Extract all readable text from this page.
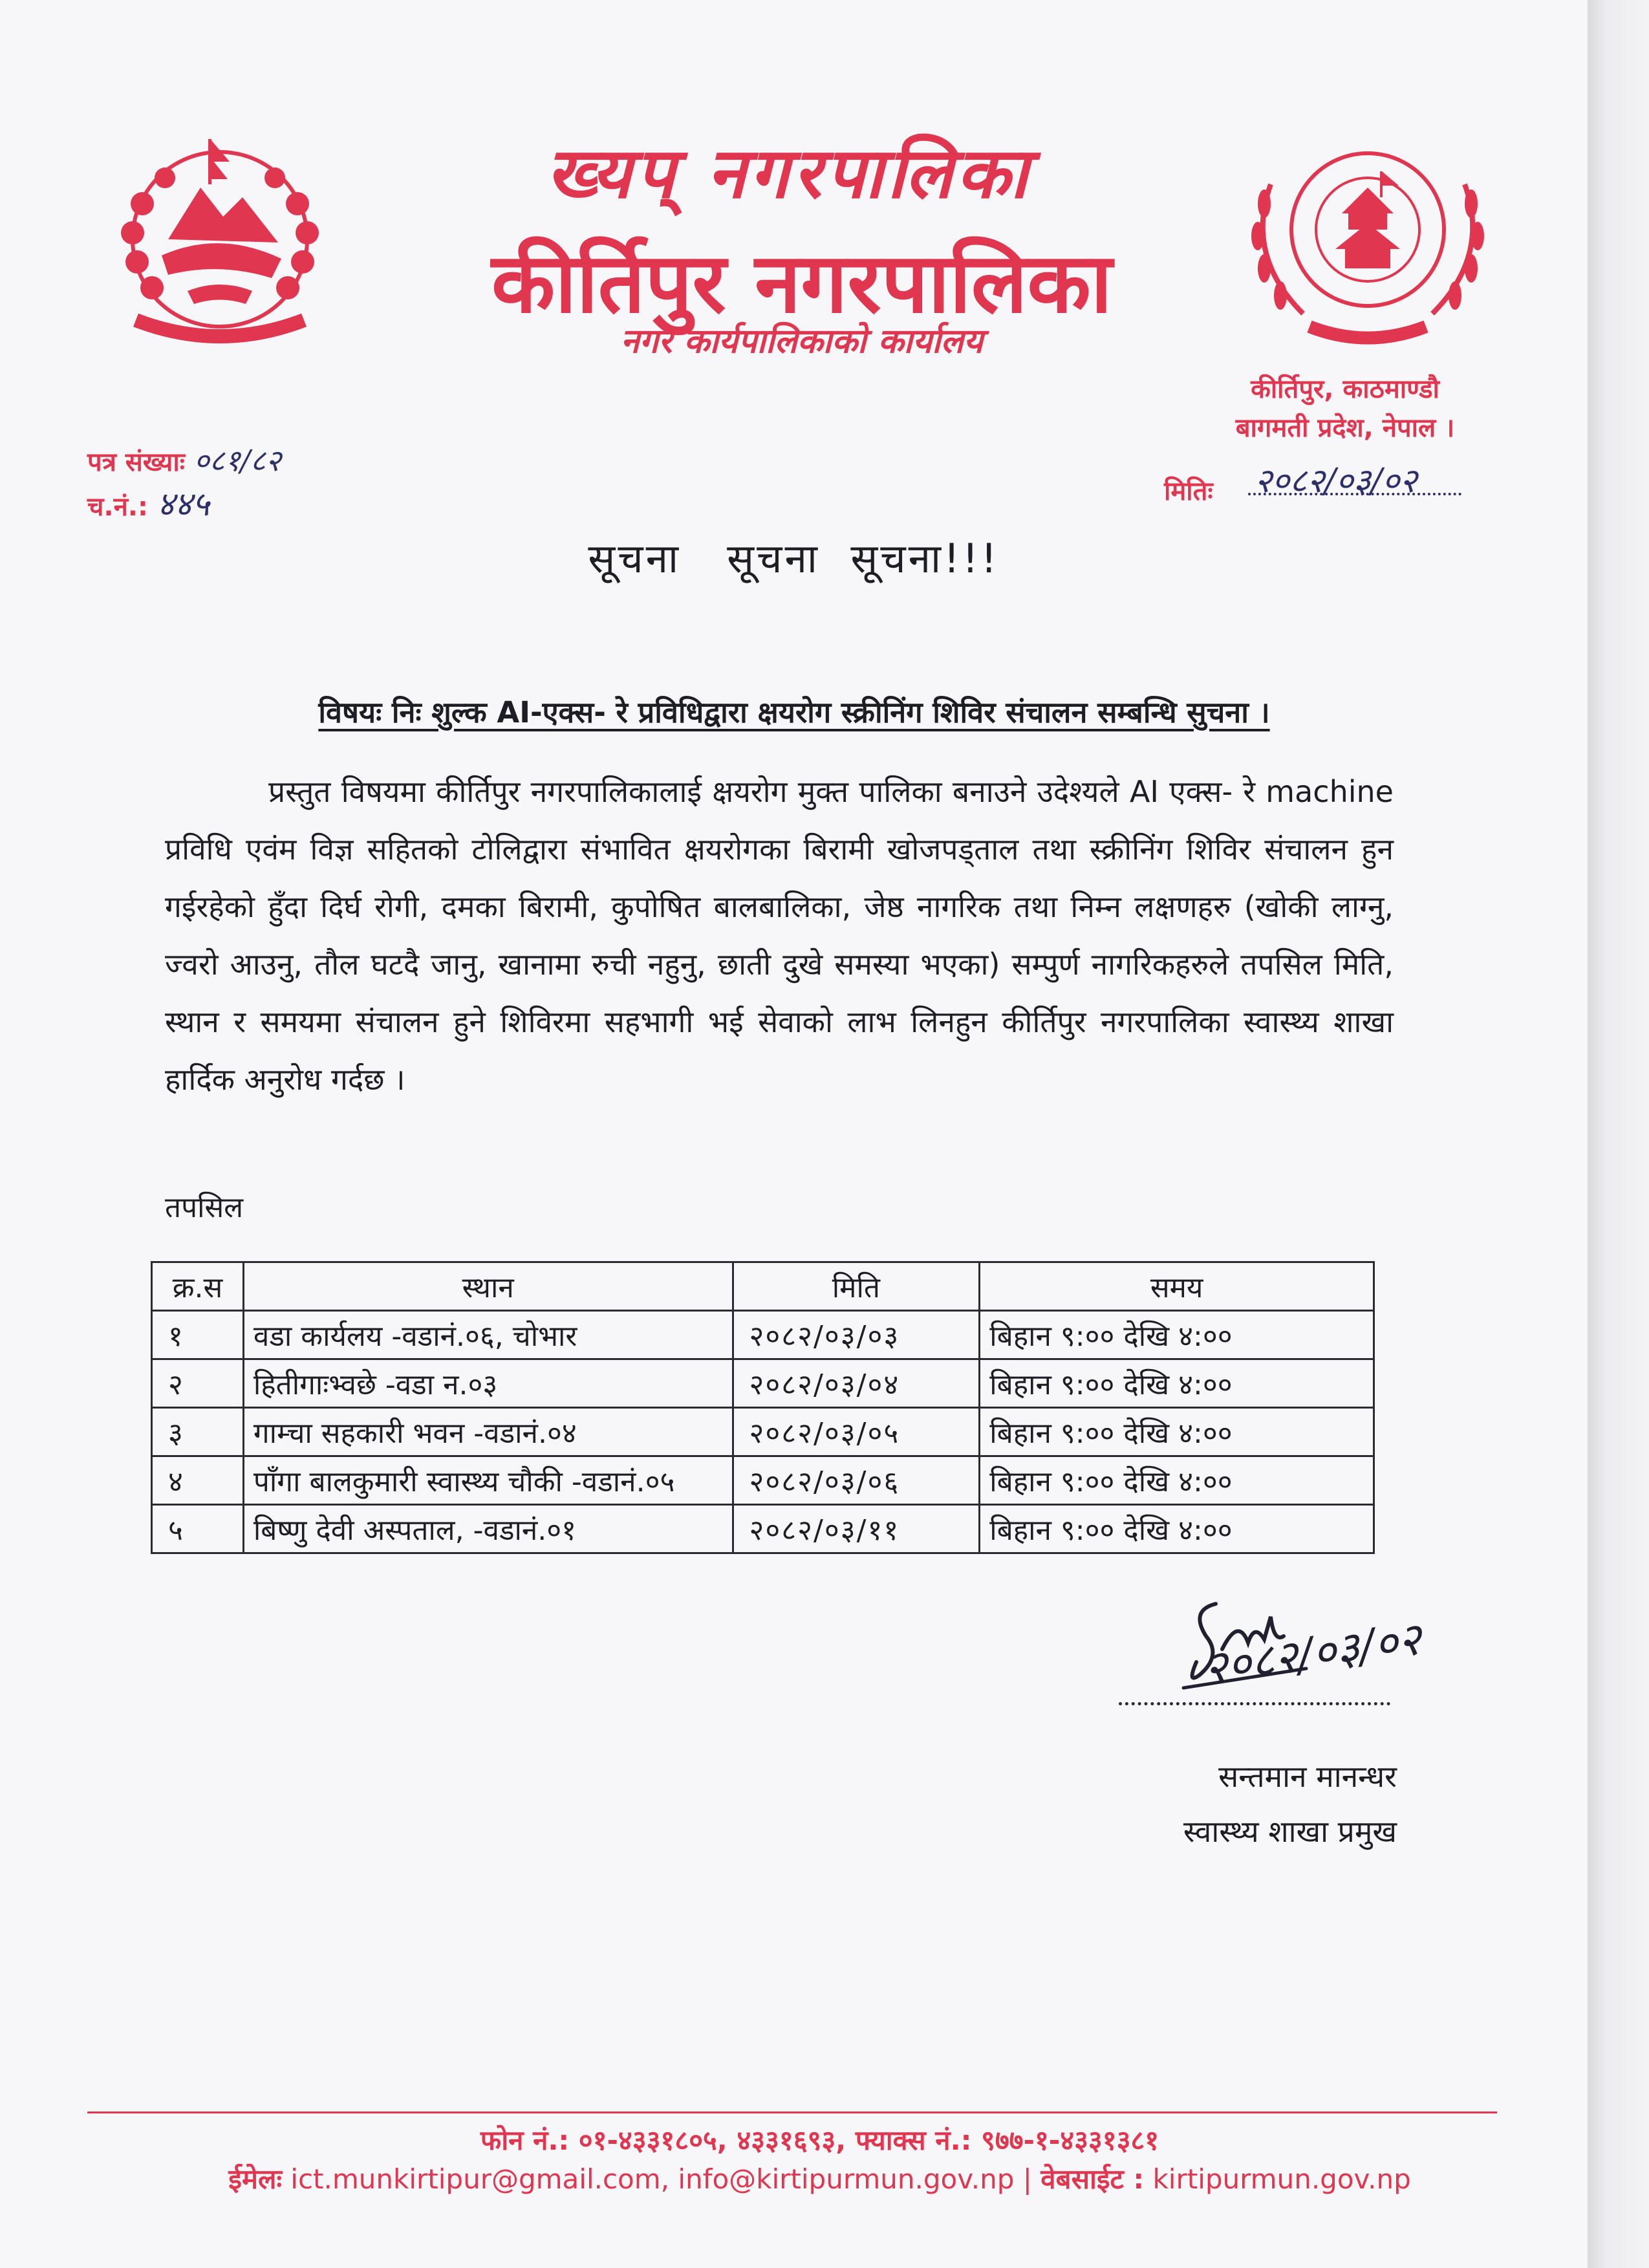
ख्यप् नगरपालिका
कीर्तिपुर नगरपालिका
नगर कार्यपालिकाको कार्यालय
कीर्तिपुर, काठमाण्डौ
बागमती प्रदेश, नेपाल ।
पत्र संख्याः ०८१/८२
च.नं.: ४४५	मितिः २०८२/०३/०२
सूचना   सूचना  सूचना!!!
विषयः निः शुल्क AI-एक्स- रे प्रविधिद्वारा क्षयरोग स्क्रीनिंग शिविर संचालन सम्बन्धि सुचना ।
प्रस्तुत विषयमा कीर्तिपुर नगरपालिकालाई क्षयरोग मुक्त पालिका बनाउने उदेश्यले AI एक्स- रे machine प्रविधि एवंम विज्ञ सहितको टोलिद्वारा संभावित क्षयरोगका बिरामी खोजपड्ताल तथा स्क्रीनिंग शिविर संचालन हुन गईरहेको हुँदा दिर्घ रोगी, दमका बिरामी, कुपोषित बालबालिका, जेष्ठ नागरिक तथा निम्न लक्षणहरु (खोकी लाग्नु, ज्वरो आउनु, तौल घटदै जानु, खानामा रुची नहुनु, छाती दुखे समस्या भएका) सम्पुर्ण नागरिकहरुले तपसिल मिति, स्थान र समयमा संचालन हुने शिविरमा सहभागी भई सेवाको लाभ लिनहुन कीर्तिपुर नगरपालिका स्वास्थ्य शाखा हार्दिक अनुरोध गर्दछ ।
तपसिल
क्र.स	स्थान	मिति	समय
१	वडा कार्यलय -वडानं.०६, चोभार	२०८२/०३/०३	बिहान ९:०० देखि ४:००
२	हितीगाःभ्वछे -वडा न.०३	२०८२/०३/०४	बिहान ९:०० देखि ४:००
३	गाम्चा सहकारी भवन -वडानं.०४	२०८२/०३/०५	बिहान ९:०० देखि ४:००
४	पाँगा बालकुमारी स्वास्थ्य चौकी -वडानं.०५	२०८२/०३/०६	बिहान ९:०० देखि ४:००
५	बिष्णु देवी अस्पताल, -वडानं.०१	२०८२/०३/११	बिहान ९:०० देखि ४:००
२०८२/०३/०२
सन्तमान मानन्धर
स्वास्थ्य शाखा प्रमुख
फोन नं.: ०१-४३३१८०५, ४३३१६९३, फ्याक्स नं.: ९७७-१-४३३१३८१
ईमेलः ict.munkirtipur@gmail.com, info@kirtipurmun.gov.np | वेबसाईट : kirtipurmun.gov.np
